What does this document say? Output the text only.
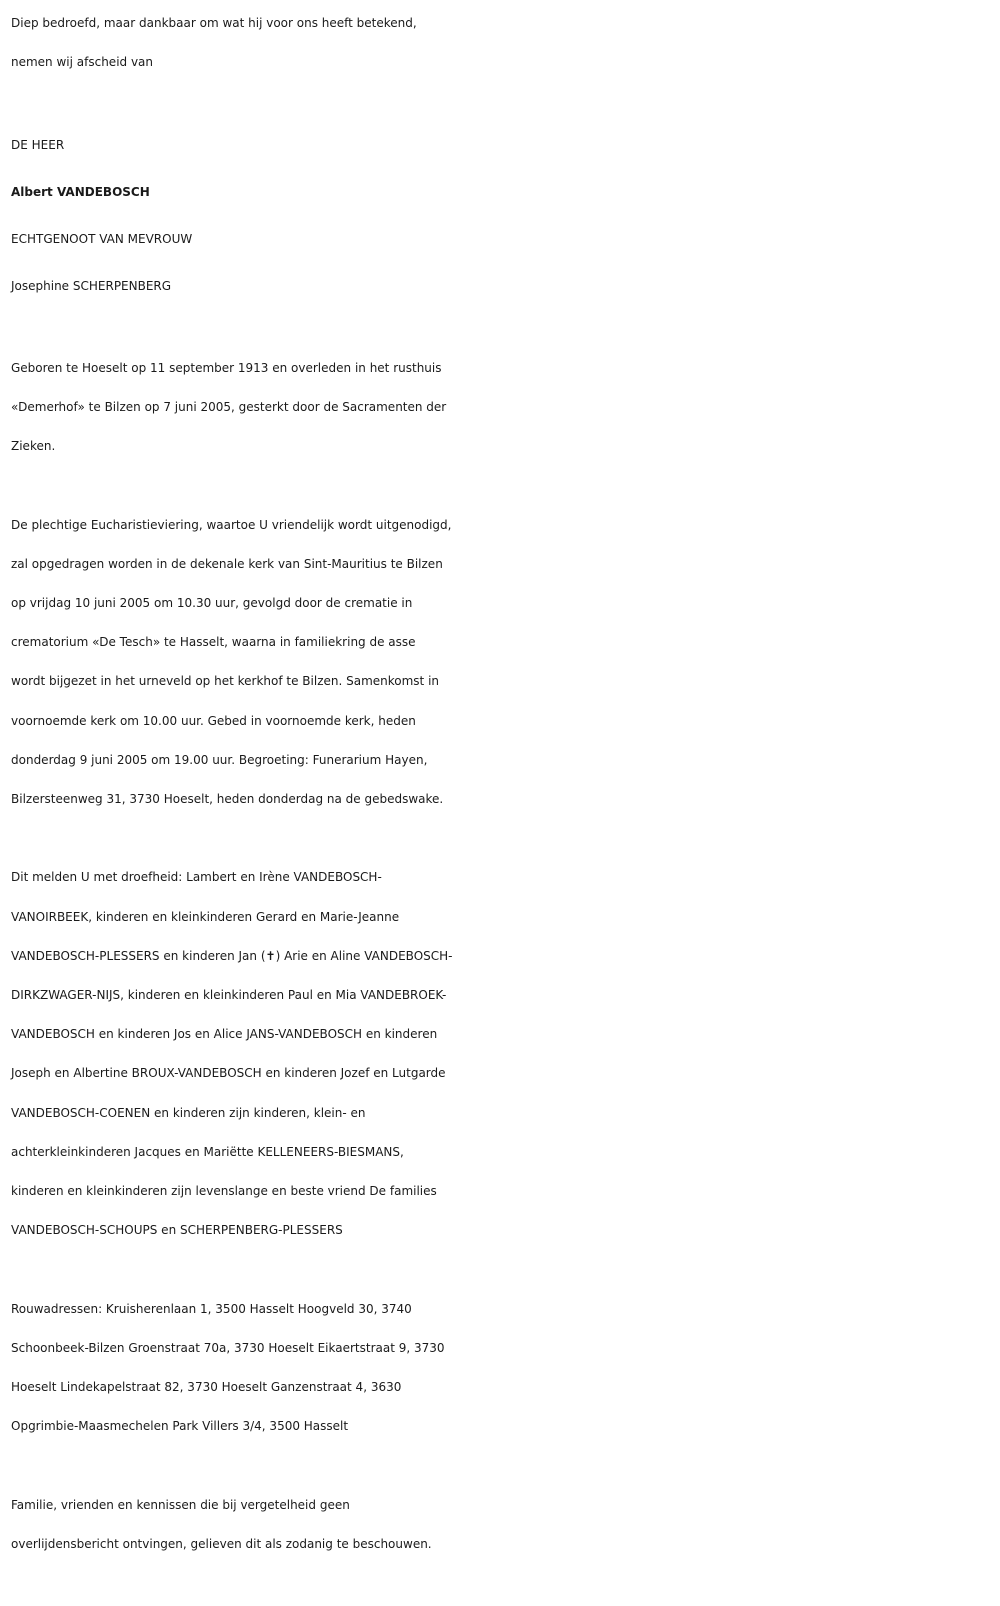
Diep bedroefd, maar dankbaar om wat hij voor ons heeft betekend,

nemen wij afscheid van

DE HEER

Albert VANDEBOSCH

ECHTGENOOT VAN MEVROUW

Josephine SCHERPENBERG

Geboren te Hoeselt op 11 september 1913 en overleden in het rusthuis

«Demerhof» te Bilzen op 7 juni 2005, gesterkt door de Sacramenten der

Zieken.

De plechtige Eucharistieviering, waartoe U vriendelijk wordt uitgenodigd,

zal opgedragen worden in de dekenale kerk van Sint-Mauritius te Bilzen

op vrijdag 10 juni 2005 om 10.30 uur, gevolgd door de crematie in

crematorium «De Tesch» te Hasselt, waarna in familiekring de asse

wordt bijgezet in het urneveld op het kerkhof te Bilzen. Samenkomst in

voornoemde kerk om 10.00 uur. Gebed in voornoemde kerk, heden

donderdag 9 juni 2005 om 19.00 uur. Begroeting: Funerarium Hayen,

Bilzersteenweg 31, 3730 Hoeselt, heden donderdag na de gebedswake.

Dit melden U met droefheid: Lambert en Irène VANDEBOSCH-

VANOIRBEEK, kinderen en kleinkinderen Gerard en Marie-Jeanne

VANDEBOSCH-PLESSERS en kinderen Jan (✝) Arie en Aline VANDEBOSCH-

DIRKZWAGER-NIJS, kinderen en kleinkinderen Paul en Mia VANDEBROEK-

VANDEBOSCH en kinderen Jos en Alice JANS-VANDEBOSCH en kinderen

Joseph en Albertine BROUX-VANDEBOSCH en kinderen Jozef en Lutgarde

VANDEBOSCH-COENEN en kinderen zijn kinderen, klein- en

achterkleinkinderen Jacques en Mariëtte KELLENEERS-BIESMANS,

kinderen en kleinkinderen zijn levenslange en beste vriend De families

VANDEBOSCH-SCHOUPS en SCHERPENBERG-PLESSERS

Rouwadressen: Kruisherenlaan 1, 3500 Hasselt Hoogveld 30, 3740

Schoonbeek-Bilzen Groenstraat 70a, 3730 Hoeselt Eikaertstraat 9, 3730

Hoeselt Lindekapelstraat 82, 3730 Hoeselt Ganzenstraat 4, 3630

Opgrimbie-Maasmechelen Park Villers 3/4, 3500 Hasselt

Familie, vrienden en kennissen die bij vergetelheid geen

overlijdensbericht ontvingen, gelieven dit als zodanig te beschouwen.
